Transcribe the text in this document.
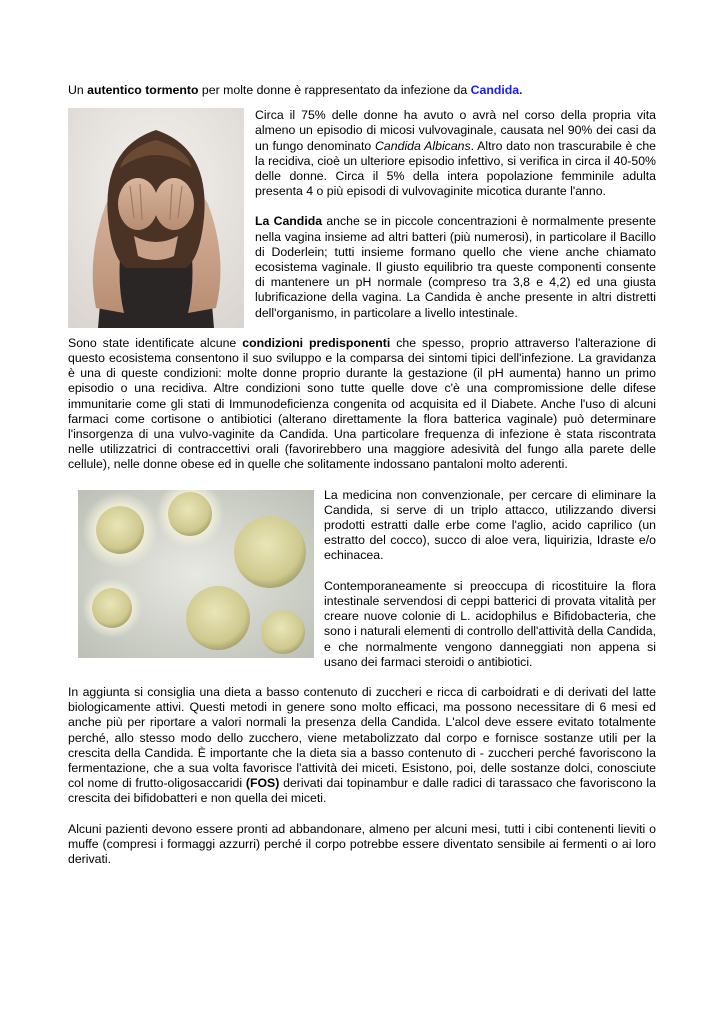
Un autentico tormento per molte donne è rappresentato da infezione da Candida.

Circa il 75% delle donne ha avuto o avrà nel corso della propria vita almeno un episodio di micosi vulvovaginale, causata nel 90% dei casi da un fungo denominato Candida Albicans. Altro dato non trascurabile è che la recidiva, cioè un ulteriore episodio infettivo, si verifica in circa il 40-50% delle donne. Circa il 5% della intera popolazione femminile adulta presenta 4 o più episodi di vulvovaginite micotica durante l'anno.

La Candida anche se in piccole concentrazioni è normalmente presente nella vagina insieme ad altri batteri (più numerosi), in particolare il Bacillo di Doderlein; tutti insieme formano quello che viene anche chiamato ecosistema vaginale. Il giusto equilibrio tra queste componenti consente di mantenere un pH normale (compreso tra 3,8 e 4,2) ed una giusta lubrificazione della vagina. La Candida è anche presente in altri distretti dell'organismo, in particolare a livello intestinale.

Sono state identificate alcune condizioni predisponenti che spesso, proprio attraverso l'alterazione di questo ecosistema consentono il suo sviluppo e la comparsa dei sintomi tipici dell'infezione. La gravidanza è una di queste condizioni: molte donne proprio durante la gestazione (il pH aumenta) hanno un primo episodio o una recidiva. Altre condizioni sono tutte quelle dove c'è una compromissione delle difese immunitarie come gli stati di Immunodeficienza congenita od acquisita ed il Diabete. Anche l'uso di alcuni farmaci come cortisone o antibiotici (alterano direttamente la flora batterica vaginale) può determinare l'insorgenza di una vulvo-vaginite da Candida. Una particolare frequenza di infezione è stata riscontrata nelle utilizzatrici di contraccettivi orali (favorirebbero una maggiore adesività del fungo alla parete delle cellule), nelle donne obese ed in quelle che solitamente indossano pantaloni molto aderenti.

La medicina non convenzionale, per cercare di eliminare la Candida, si serve di un triplo attacco, utilizzando diversi prodotti estratti dalle erbe come l'aglio, acido caprilico (un estratto del cocco), succo di aloe vera, liquirizia, Idraste e/o echinacea.

Contemporaneamente si preoccupa di ricostituire la flora intestinale servendosi di ceppi batterici di provata vitalità per creare nuove colonie di L. acidophilus e Bifidobacteria, che sono i naturali elementi di controllo dell'attività della Candida, e che normalmente vengono danneggiati non appena si usano dei farmaci steroidi o antibiotici.

In aggiunta si consiglia una dieta a basso contenuto di zuccheri e ricca di carboidrati e di derivati del latte biologicamente attivi. Questi metodi in genere sono molto efficaci, ma possono necessitare di 6 mesi ed anche più per riportare a valori normali la presenza della Candida. L'alcol deve essere evitato totalmente perché, allo stesso modo dello zucchero, viene metabolizzato dal corpo e fornisce sostanze utili per la crescita della Candida. È importante che la dieta sia a basso contenuto di - zuccheri perché favoriscono la fermentazione, che a sua volta favorisce l'attività dei miceti. Esistono, poi, delle sostanze dolci, conosciute col nome di frutto-oligosaccaridi (FOS) derivati dai topinambur e dalle radici di tarassaco che favoriscono la crescita dei bifidobatteri e non quella dei miceti.

Alcuni pazienti devono essere pronti ad abbandonare, almeno per alcuni mesi, tutti i cibi contenenti lieviti o muffe (compresi i formaggi azzurri) perché il corpo potrebbe essere diventato sensibile ai fermenti o ai loro derivati.
